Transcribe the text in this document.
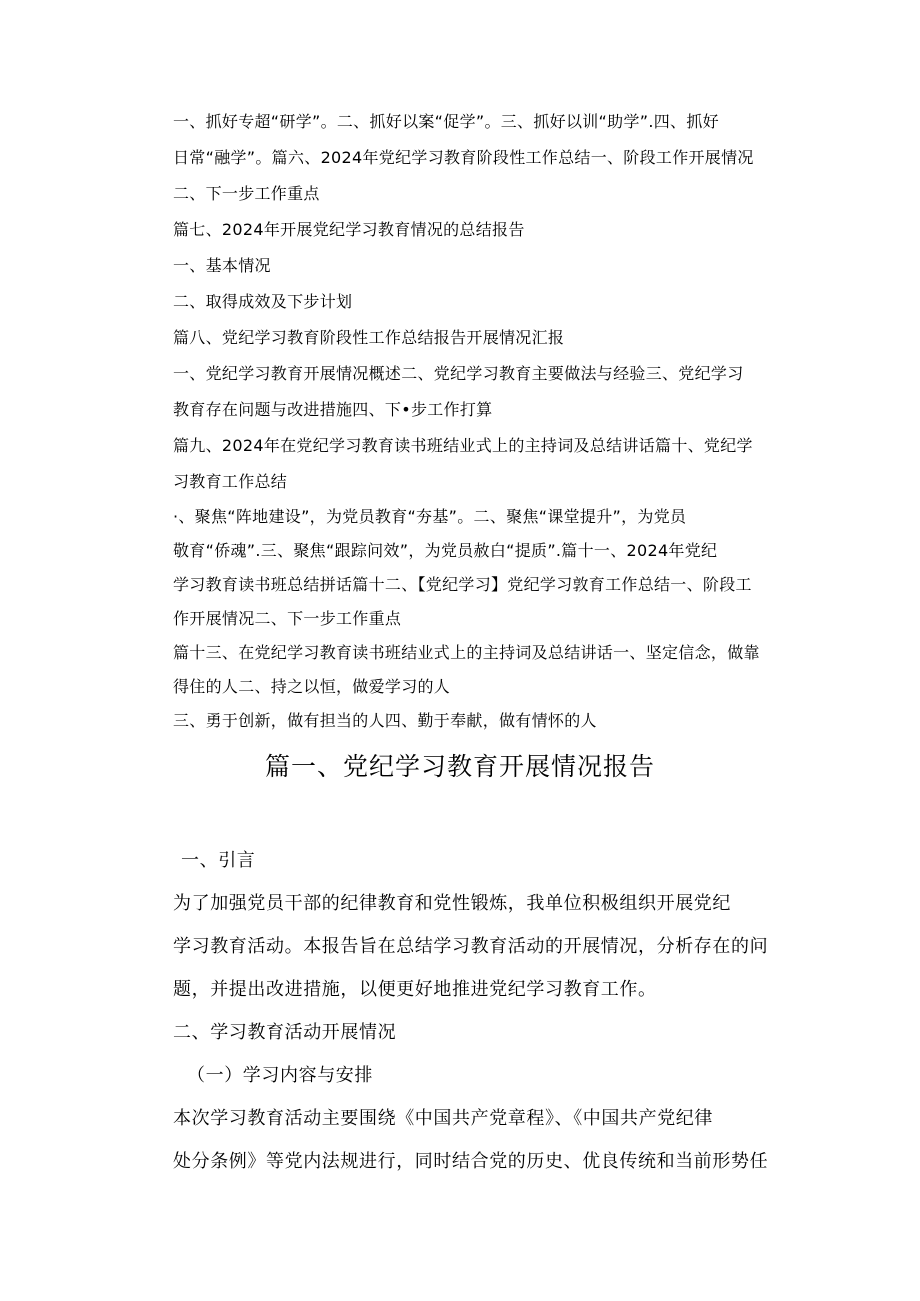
一、抓好专超“研学”。二、抓好以案“促学”。三、抓好以训“助学”.四、抓好
日常“融学”。篇六、2024年党纪学习教育阶段性工作总结一、阶段工作开展情况
二、下一步工作重点
篇七、2024年开展党纪学习教育情况的总结报告
一、基本情况
二、取得成效及下步计划
篇八、党纪学习教育阶段性工作总结报告开展情况汇报
一、党纪学习教育开展情况概述二、党纪学习教育主要做法与经验三、党纪学习
教育存在问题与改进措施四、下•步工作打算
篇九、2024年在党纪学习教育读书班结业式上的主持词及总结讲话篇十、党纪学
习教育工作总结
·、聚焦“阵地建设”，为党员教育“夯基”。二、聚焦“课堂提升”，为党员
敬育“侨魂”.三、聚焦“跟踪问效”，为党员赦白“提质”.篇十一、2024年党纪
学习教育读书班总结拼话篇十二、【党纪学习】党纪学习敦育工作总结一、阶段工
作开展情况二、下一步工作重点
篇十三、在党纪学习教育读书班结业式上的主持词及总结讲话一、坚定信念，做靠
得住的人二、持之以恒，做爱学习的人
三、勇于创新，做有担当的人四、勤于奉献，做有情怀的人
篇一、党纪学习教育开展情况报告
一、引言
为了加强党员干部的纪律教育和党性锻炼，我单位积极组织开展党纪
学习教育活动。本报告旨在总结学习教育活动的开展情况，分析存在的问
题，并提出改进措施，以便更好地推进党纪学习教育工作。
二、学习教育活动开展情况
（一）学习内容与安排
本次学习教育活动主要围绕《中国共产党章程》、《中国共产党纪律
处分条例》等党内法规进行，同时结合党的历史、优良传统和当前形势任
